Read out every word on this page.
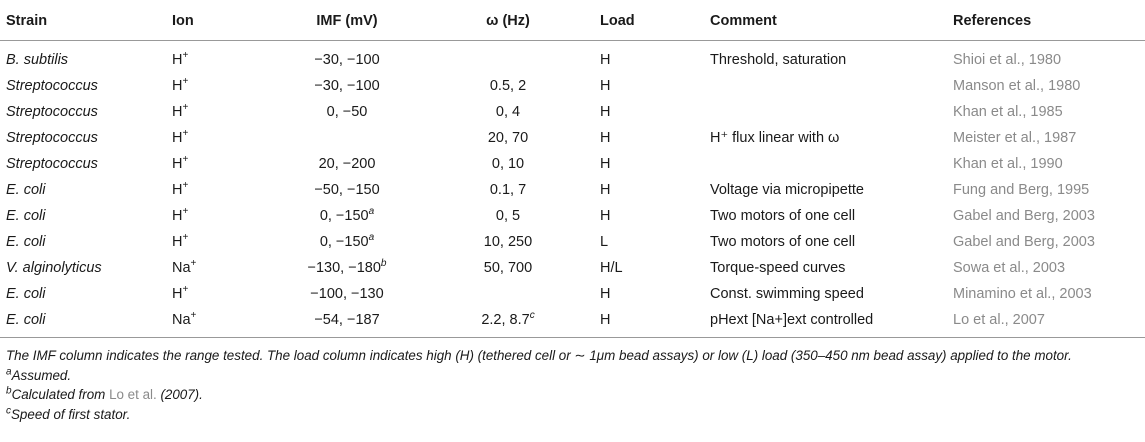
Strain	Ion	IMF (mV)	ω (Hz)	Load	Comment	References
B. subtilis	H+	−30, −100		H	Threshold, saturation	Shioi et al., 1980
Streptococcus	H+	−30, −100	0.5, 2	H		Manson et al., 1980
Streptococcus	H+	0, −50	0, 4	H		Khan et al., 1985
Streptococcus	H+		20, 70	H	H⁺ flux linear with ω	Meister et al., 1987
Streptococcus	H+	20, −200	0, 10	H		Khan et al., 1990
E. coli	H+	−50, −150	0.1, 7	H	Voltage via micropipette	Fung and Berg, 1995
E. coli	H+	0, $-150^a$	0, 5	H	Two motors of one cell	Gabel and Berg, 2003
E. coli	H+	0, $-150^a$	10, 250	L	Two motors of one cell	Gabel and Berg, 2003
V. alginolyticus	Na+	−130, $-180^b$	50, 700	H/L	Torque-speed curves	Sowa et al., 2003
E. coli	H+	−100, −130		H	Const. swimming speed	Minamino et al., 2003
E. coli	Na+	−54, −187	2.2, 8.7$^c$	H	pHext [Na+]ext controlled	Lo et al., 2007
The IMF column indicates the range tested. The load column indicates high (H) (tethered cell or ∼ 1μm bead assays) or low (L) load (350–450 nm bead assay) applied to the motor.
$^a$Assumed.
$^b$Calculated from Lo et al. (2007).
$^c$Speed of first stator.
